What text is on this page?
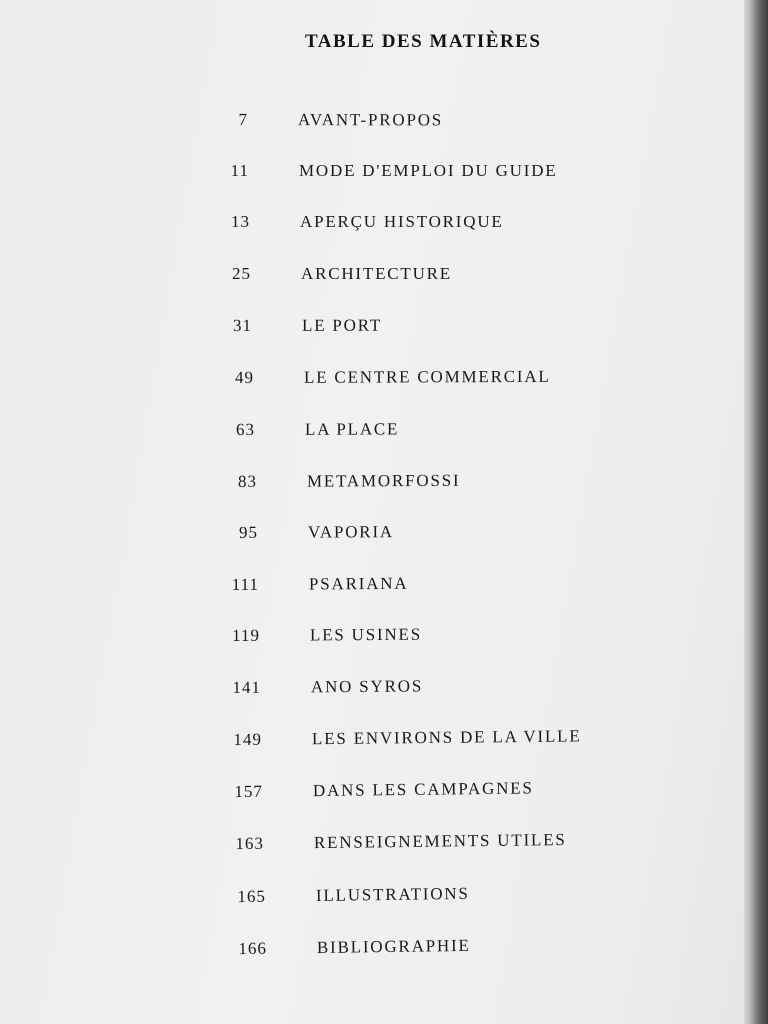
TABLE DES MATIÈRES
7	AVANT-PROPOS
11	MODE D'EMPLOI DU GUIDE
13	APERÇU HISTORIQUE
25	ARCHITECTURE
31	LE PORT
49	LE CENTRE COMMERCIAL
63	LA PLACE
83	METAMORFOSSI
95	VAPORIA
111	PSARIANA
119	LES USINES
141	ANO SYROS
149	LES ENVIRONS DE LA VILLE
157	DANS LES CAMPAGNES
163	RENSEIGNEMENTS UTILES
165	ILLUSTRATIONS
166	BIBLIOGRAPHIE
